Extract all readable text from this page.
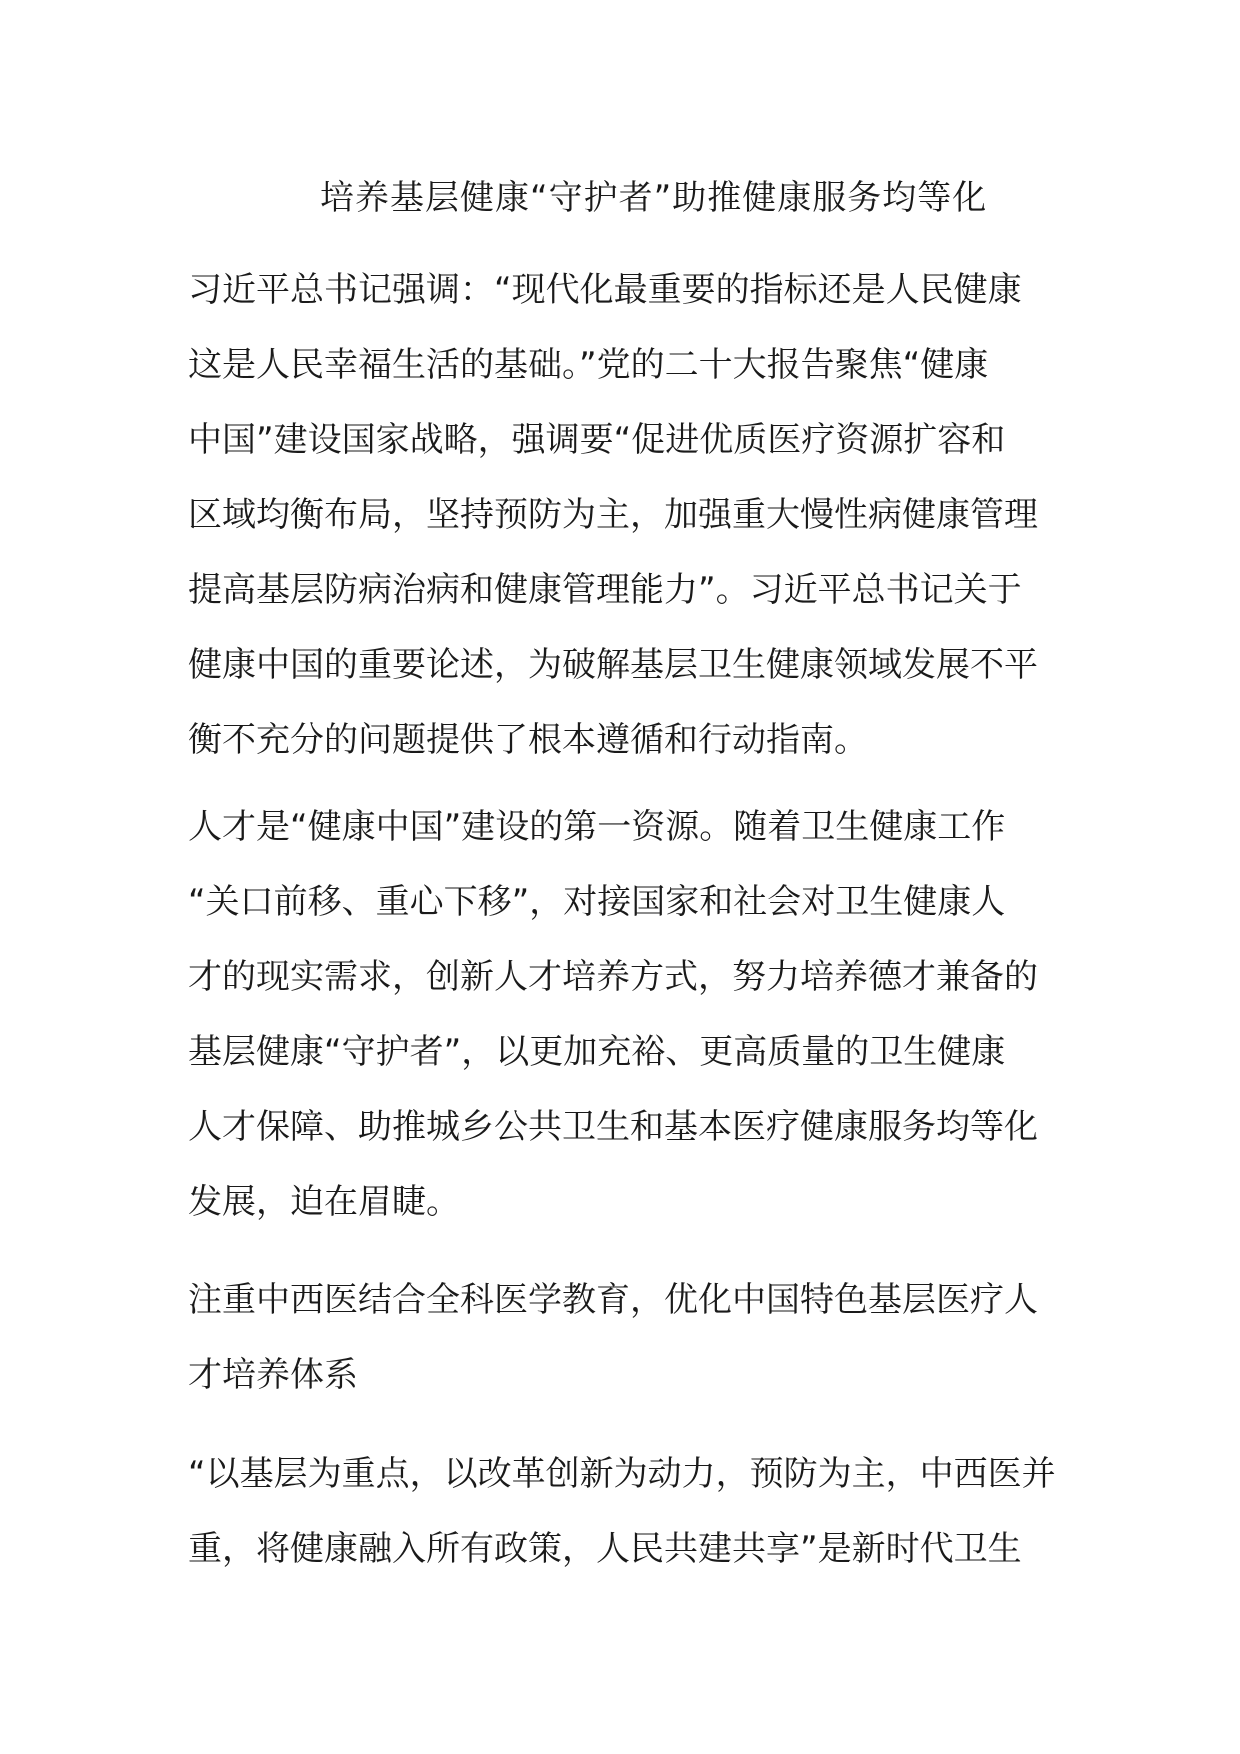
培养基层健康“守护者”助推健康服务均等化
习近平总书记强调：“现代化最重要的指标还是人民健康
这是人民幸福生活的基础。”党的二十大报告聚焦“健康
中国”建设国家战略，强调要“促进优质医疗资源扩容和
区域均衡布局，坚持预防为主，加强重大慢性病健康管理
提高基层防病治病和健康管理能力”。习近平总书记关于
健康中国的重要论述，为破解基层卫生健康领域发展不平
衡不充分的问题提供了根本遵循和行动指南。
人才是“健康中国”建设的第一资源。随着卫生健康工作
“关口前移、重心下移”，对接国家和社会对卫生健康人
才的现实需求，创新人才培养方式，努力培养德才兼备的
基层健康“守护者”，以更加充裕、更高质量的卫生健康
人才保障、助推城乡公共卫生和基本医疗健康服务均等化
发展，迫在眉睫。
注重中西医结合全科医学教育，优化中国特色基层医疗人
才培养体系
“以基层为重点，以改革创新为动力，预防为主，中西医并
重，将健康融入所有政策，人民共建共享”是新时代卫生
